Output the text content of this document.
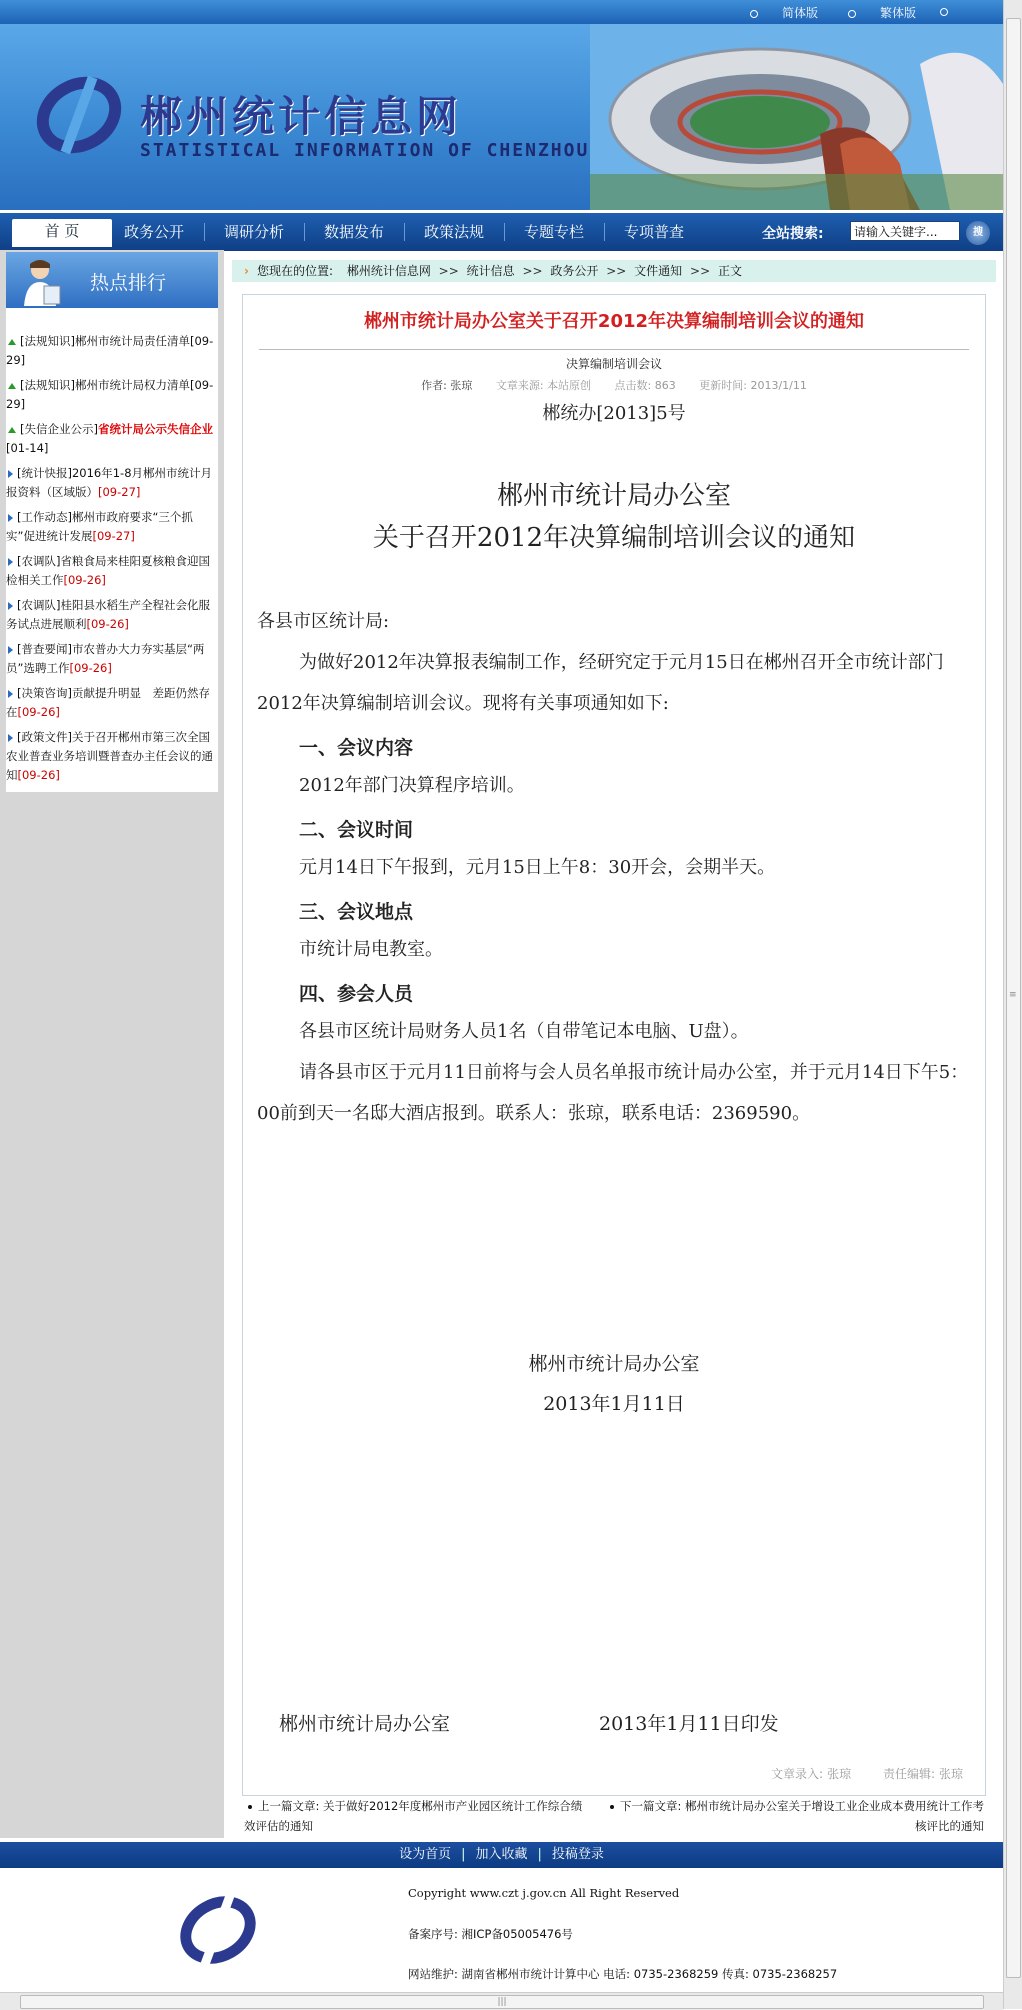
简体版	繁体版
郴州统计信息网
STATISTICAL INFORMATION OF CHENZHOU
首 页	政务公开	调研分析	数据发布	政策法规	专题专栏	专项普查	全站搜索:	请输入关键字...	搜
热点排行
[法规知识]郴州市统计局责任清单[09-29]
[法规知识]郴州市统计局权力清单[09-29]
[失信企业公示]省统计局公示失信企业[01-14]
[统计快报]2016年1-8月郴州市统计月报资料（区域版）[09-27]
[工作动态]郴州市政府要求“三个抓实”促进统计发展[09-27]
[农调队]省粮食局来桂阳夏核粮食迎国检相关工作[09-26]
[农调队]桂阳县水稻生产全程社会化服务试点进展顺利[09-26]
[普查要闻]市农普办大力夯实基层“两员”选聘工作[09-26]
[决策咨询]贡献提升明显　差距仍然存在[09-26]
[政策文件]关于召开郴州市第三次全国农业普查业务培训暨普查办主任会议的通知[09-26]
› 您现在的位置: 郴州统计信息网 >> 统计信息 >> 政务公开 >> 文件通知 >> 正文
郴州市统计局办公室关于召开2012年决算编制培训会议的通知
决算编制培训会议
作者: 张琼 文章来源: 本站原创 点击数: 863 更新时间: 2013/1/11
郴统办[2013]5号
郴州市统计局办公室
关于召开2012年决算编制培训会议的通知
各县市区统计局:
为做好2012年决算报表编制工作，经研究定于元月15日在郴州召开全市统计部门2012年决算编制培训会议。现将有关事项通知如下:
一、会议内容
2012年部门决算程序培训。
二、会议时间
元月14日下午报到，元月15日上午8：30开会，会期半天。
三、会议地点
市统计局电教室。
四、参会人员
各县市区统计局财务人员1名（自带笔记本电脑、U盘）。
请各县市区于元月11日前将与会人员名单报市统计局办公室，并于元月14日下午5：00前到天一名邸大酒店报到。联系人：张琼，联系电话：2369590。
郴州市统计局办公室
2013年1月11日
郴州市统计局办公室	2013年1月11日印发
文章录入: 张琼	责任编辑: 张琼
上一篇文章: 关于做好2012年度郴州市产业园区统计工作综合绩效评估的通知
下一篇文章: 郴州市统计局办公室关于增设工业企业成本费用统计工作考核评比的通知
设为首页 | 加入收藏 | 投稿登录
Copyright www.czt j.gov.cn All Right Reserved
备案序号: 湘ICP备05005476号
网站维护: 湖南省郴州市统计计算中心 电话: 0735-2368259 传真: 0735-2368257
|||
≡
